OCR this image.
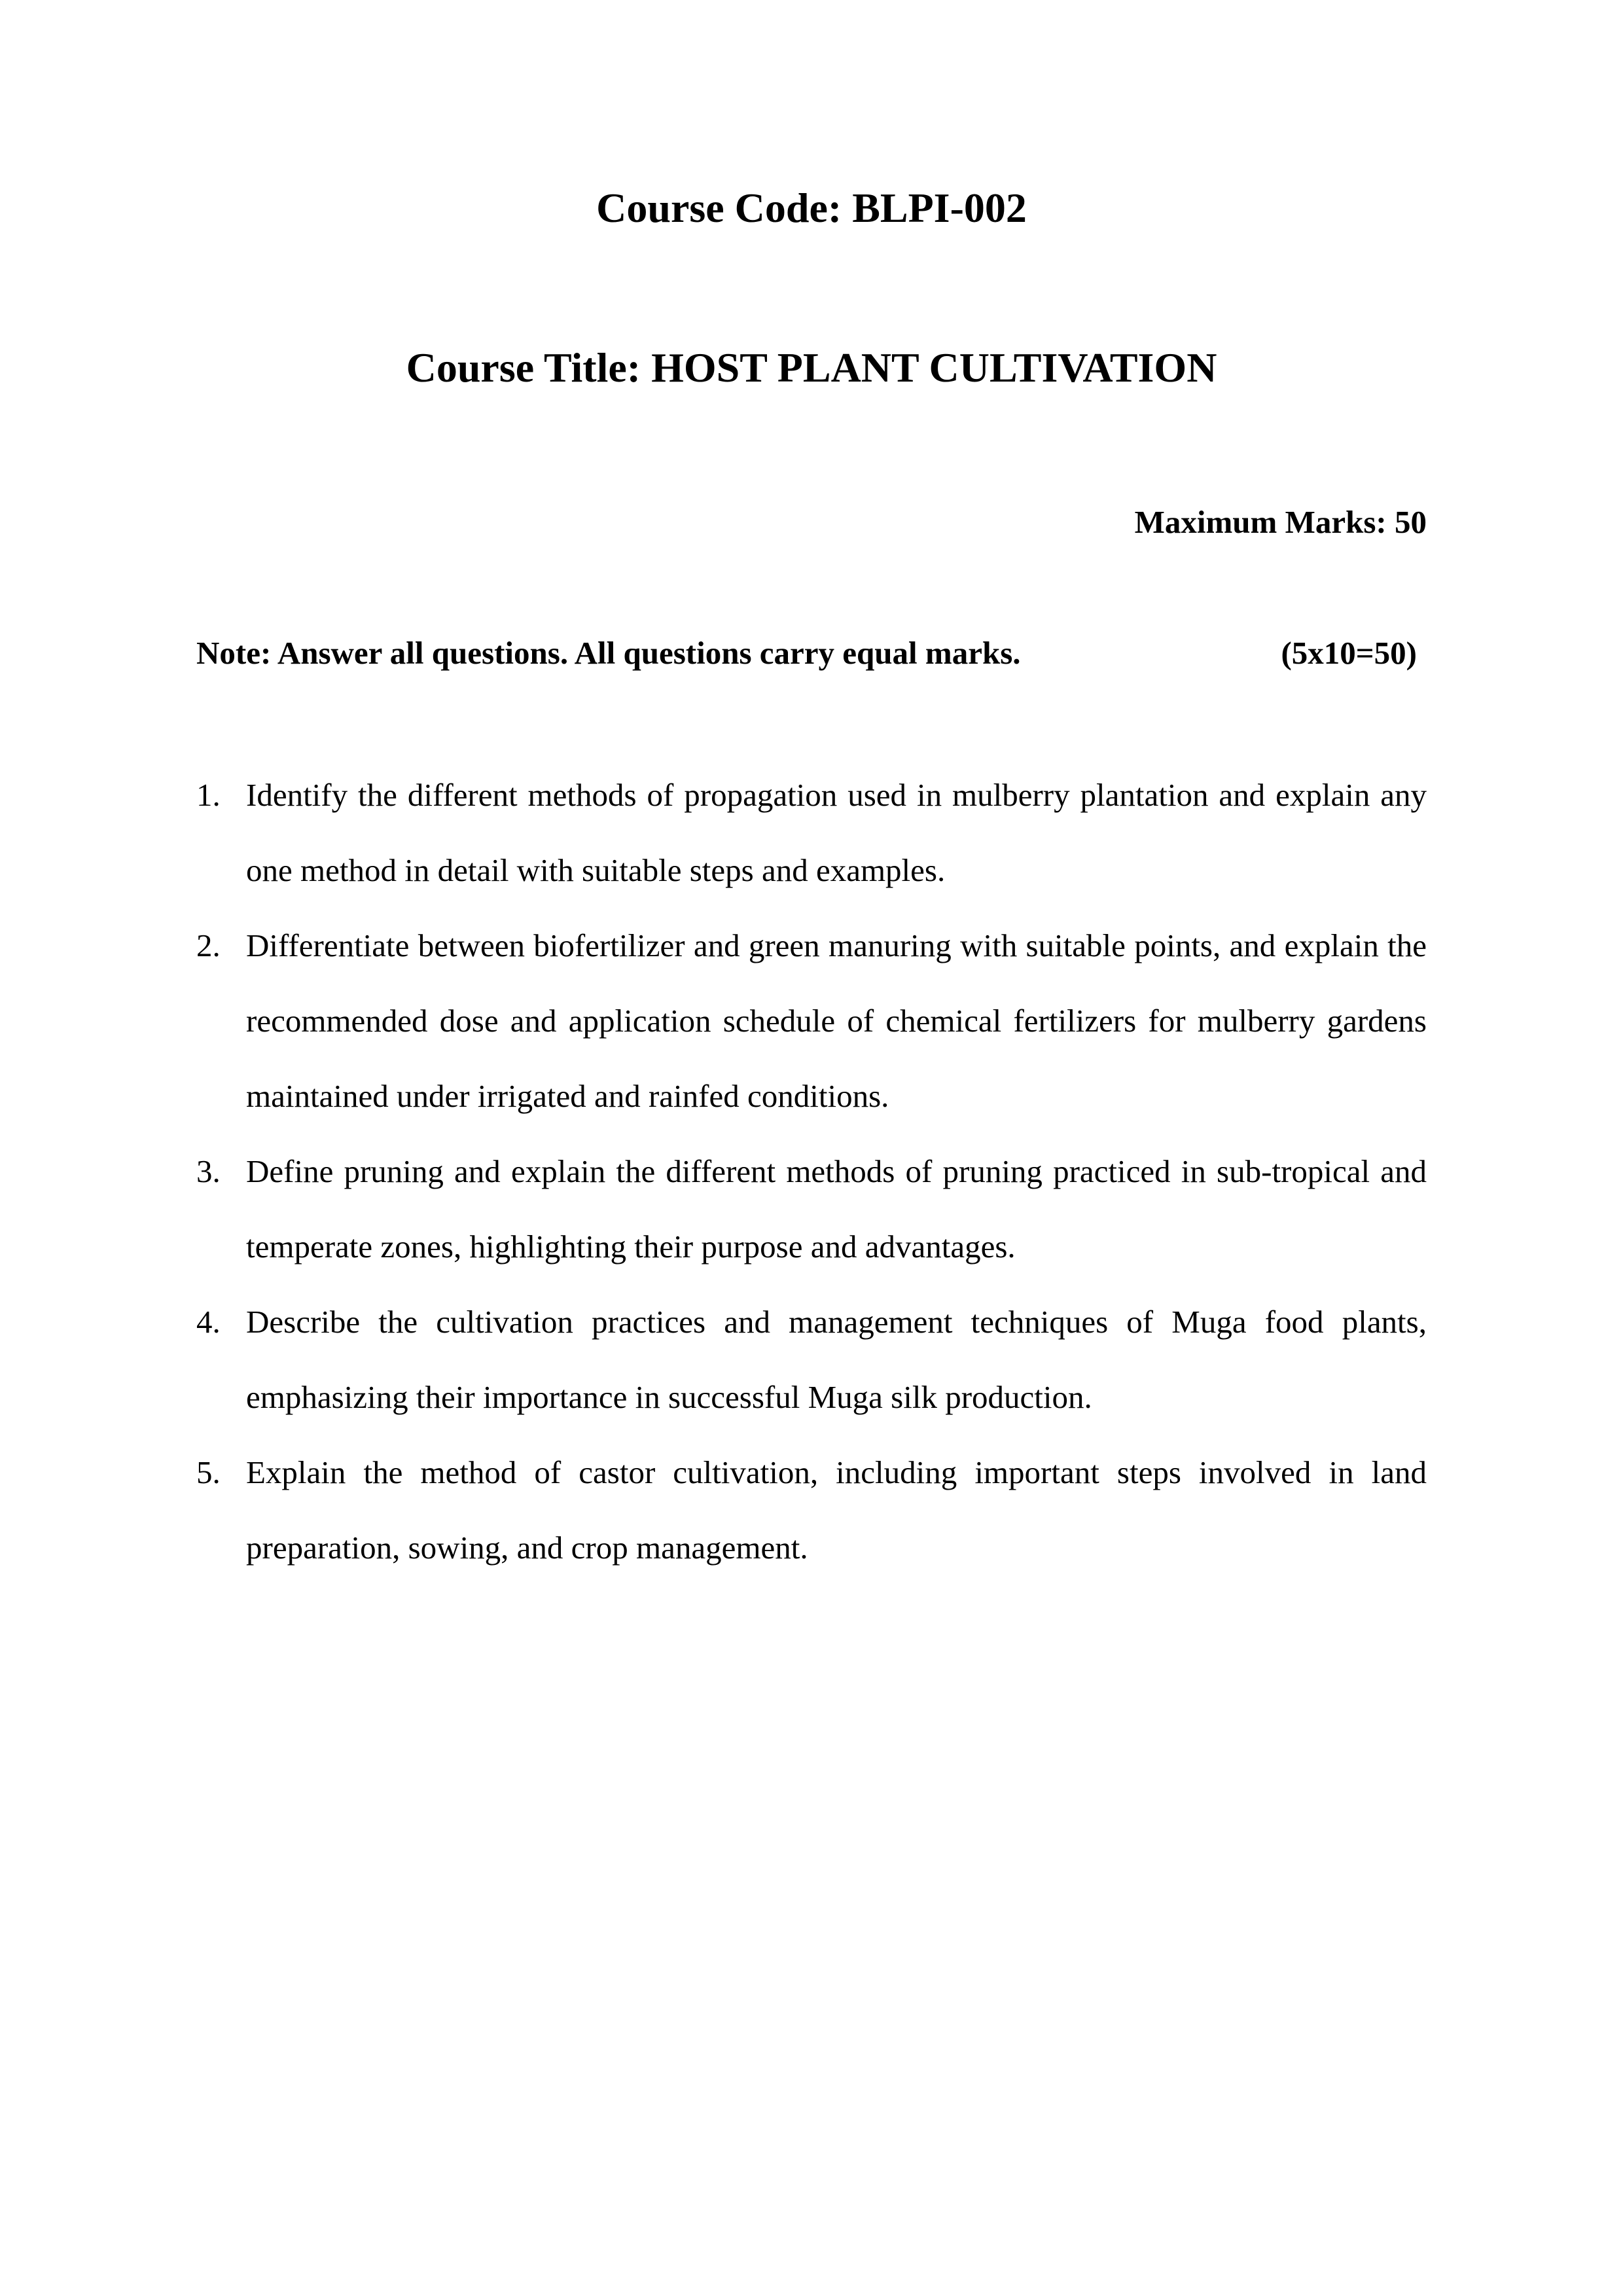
Course Code: BLPI-002
Course Title: HOST PLANT CULTIVATION
Maximum Marks: 50
Note: Answer all questions. All questions carry equal marks.	(5x10=50)
1. Identify the different methods of propagation used in mulberry plantation and explain any one method in detail with suitable steps and examples.
2. Differentiate between biofertilizer and green manuring with suitable points, and explain the recommended dose and application schedule of chemical fertilizers for mulberry gardens maintained under irrigated and rainfed conditions.
3. Define pruning and explain the different methods of pruning practiced in sub-tropical and temperate zones, highlighting their purpose and advantages.
4. Describe the cultivation practices and management techniques of Muga food plants, emphasizing their importance in successful Muga silk production.
5. Explain the method of castor cultivation, including important steps involved in land preparation, sowing, and crop management.
